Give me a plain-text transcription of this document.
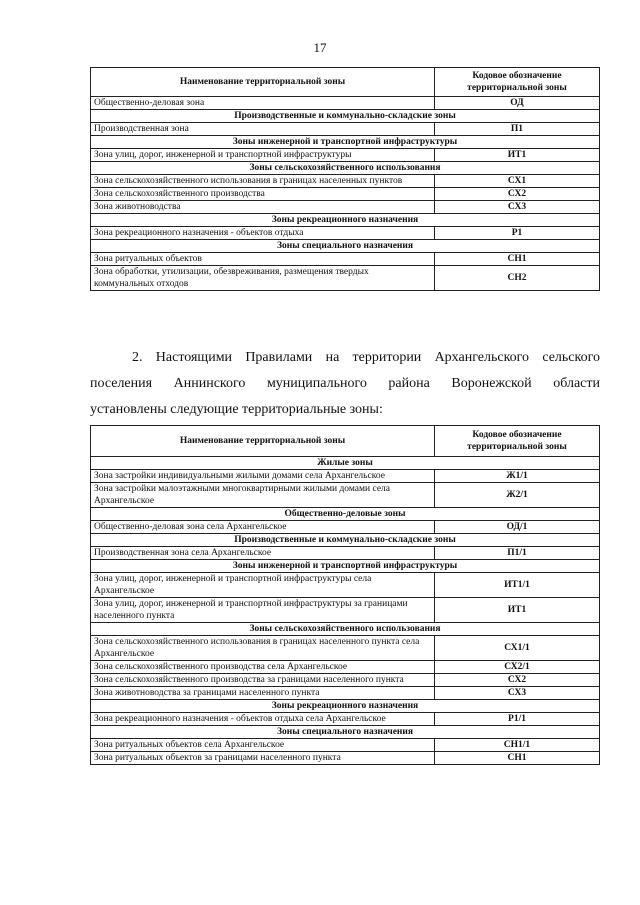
17
Наименование территориальной зоны	Кодовое обозначение территориальной зоны
Общественно-деловая зона	ОД
Производственные и коммунально-складские зоны	
Производственная зона	П1
Зоны инженерной и транспортной инфраструктуры	
Зона улиц, дорог, инженерной и транспортной инфраструктуры	ИТ1
Зоны сельскохозяйственного использования	
Зона сельскохозяйственного использования в границах населенных пунктов	СХ1
Зона сельскохозяйственного производства	СХ2
Зона животноводства	СХ3
Зоны рекреационного назначения	
Зона рекреационного назначения - объектов отдыха	Р1
Зоны специального назначения	
Зона ритуальных объектов	СН1
Зона обработки, утилизации, обезвреживания, размещения твердых коммунальных отходов	СН2
2. Настоящими Правилами на территории Архангельского сельского
поселения Аннинского муниципального района Воронежской области
установлены следующие территориальные зоны:
Наименование территориальной зоны	Кодовое обозначение территориальной зоны
Жилые зоны	
Зона застройки индивидуальными жилыми домами села Архангельское	Ж1/1
Зона застройки малоэтажными многоквартирными жилыми домами села Архангельское	Ж2/1
Общественно-деловые зоны	
Общественно-деловая зона села Архангельское	ОД/1
Производственные и коммунально-складские зоны	
Производственная зона села Архангельское	П1/1
Зоны инженерной и транспортной инфраструктуры	
Зона улиц, дорог, инженерной и транспортной инфраструктуры села Архангельское	ИТ1/1
Зона улиц, дорог, инженерной и транспортной инфраструктуры за границами населенного пункта	ИТ1
Зоны сельскохозяйственного использования	
Зона сельскохозяйственного использования в границах населенного пункта села Архангельское	СХ1/1
Зона сельскохозяйственного производства села Архангельское	СХ2/1
Зона сельскохозяйственного производства за границами населенного пункта	СХ2
Зона животноводства за границами населенного пункта	СХ3
Зоны рекреационного назначения	
Зона рекреационного назначения - объектов отдыха села Архангельское	Р1/1
Зоны специального назначения	
Зона ритуальных объектов села Архангельское	СН1/1
Зона ритуальных объектов за границами населенного пункта	СН1
